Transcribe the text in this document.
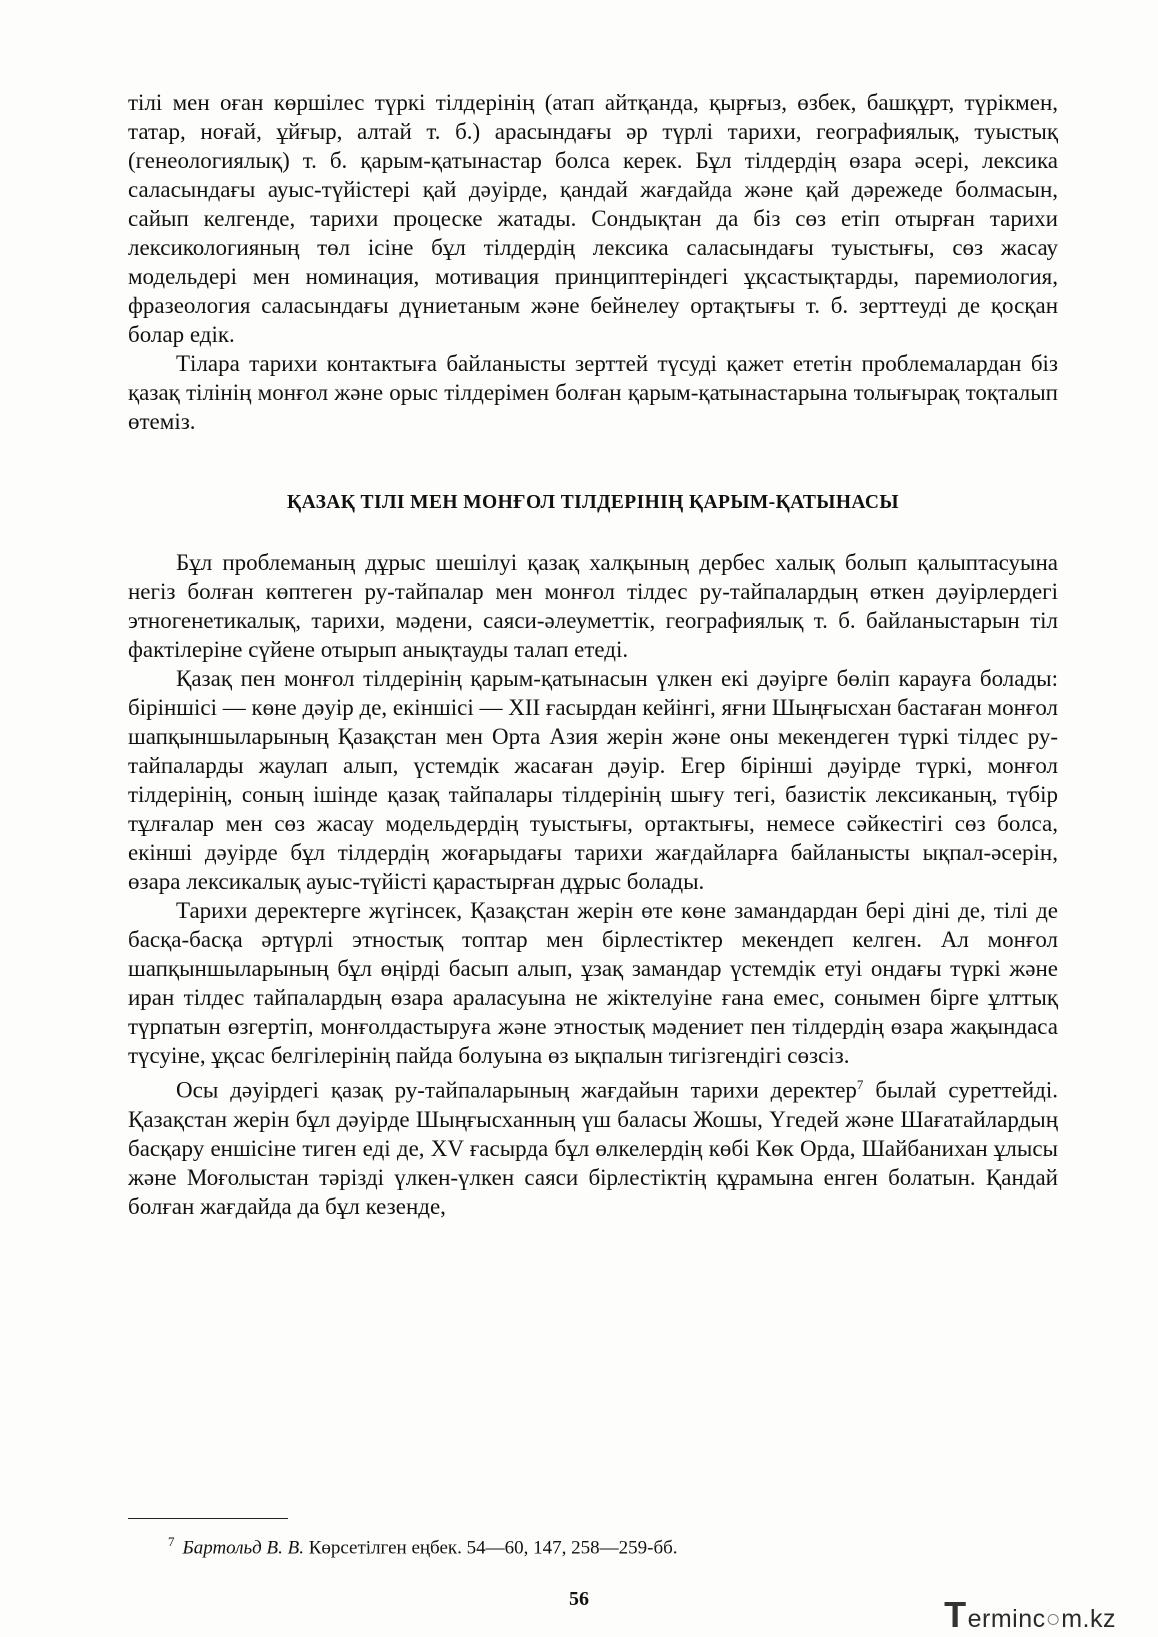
тілі мен оған көршілес түркі тілдерінің (атап айтқанда, қырғыз, өзбек, башқұрт, түрікмен, татар, ноғай, ұйғыр, алтай т. б.) арасындағы әр түрлі тарихи, географиялық, туыстық (генеологиялық) т. б. қарым-қатынастар болса керек. Бұл тілдердің өзара әсері, лексика саласындағы ауыс-түйістері қай дәуірде, қандай жағдайда және қай дәрежеде болмасын, сайып келгенде, тарихи процеске жатады. Сондықтан да біз сөз етіп отырған тарихи лексикологияның төл ісіне бұл тілдердің лексика саласындағы туыстығы, сөз жасау модельдері мен номинация, мотивация принциптеріндегі ұқсастықтарды, паремиология, фразеология саласындағы дүниетаным және бейнелеу ортақтығы т. б. зерттеуді де қосқан болар едік.

Тілара тарихи контактыға байланысты зерттей түсуді қажет ететін проблемалардан біз қазақ тілінің монғол және орыс тілдерімен болған қарым-қатынастарына толығырақ тоқталып өтеміз.

ҚАЗАҚ ТІЛІ МЕН МОНҒОЛ ТІЛДЕРІНІҢ ҚАРЫМ-ҚАТЫНАСЫ

Бұл проблеманың дұрыс шешілуі қазақ халқының дербес халық болып қалыптасуына негіз болған көптеген ру-тайпалар мен монғол тілдес ру-тайпалардың өткен дәуірлердегі этногенетикалық, тарихи, мәдени, саяси-әлеуметтік, географиялық т. б. байланыстарын тіл фактілеріне сүйене отырып анықтауды талап етеді.

Қазақ пен монғол тілдерінің қарым-қатынасын үлкен екі дәуірге бөліп карауға болады: біріншісі — көне дәуір де, екіншісі — XII ғасырдан кейінгі, яғни Шыңғысхан бастаған монғол шапқыншыларының Қазақстан мен Орта Азия жерін және оны мекендеген түркі тілдес ру-тайпаларды жаулап алып, үстемдік жасаған дәуір. Егер бірінші дәуірде түркі, монғол тілдерінің, соның ішінде қазақ тайпалары тілдерінің шығу тегі, базистік лексиканың, түбір тұлғалар мен сөз жасау модельдердің туыстығы, ортактығы, немесе сәйкестігі сөз болса, екінші дәуірде бұл тілдердің жоғарыдағы тарихи жағдайларға байланысты ықпал-әсерін, өзара лексикалық ауыс-түйісті қарастырған дұрыс болады.

Тарихи деректерге жүгінсек, Қазақстан жерін өте көне замандардан бері діні де, тілі де басқа-басқа әртүрлі этностық топтар мен бірлестіктер мекендеп келген. Ал монғол шапқыншыларының бұл өңірді басып алып, ұзақ замандар үстемдік етуі ондағы түркі және иран тілдес тайпалардың өзара араласуына не жіктелуіне ғана емес, сонымен бірге ұлттық түрпатын өзгертіп, монғолдастыруға және этностық мәдениет пен тілдердің өзара жақындаса түсуіне, ұқсас белгілерінің пайда болуына өз ықпалын тигізгендігі сөзсіз.

Осы дәуірдегі қазақ ру-тайпаларының жағдайын тарихи деректер$^7$ былай суреттейді. Қазақстан жерін бұл дәуірде Шыңғысханның үш баласы Жошы, Үгедей және Шағатайлардың басқару еншісіне тиген еді де, XV ғасырда бұл өлкелердің көбі Көк Орда, Шайбанихан ұлысы және Моғолыстан тәрізді үлкен-үлкен саяси бірлестіктің құрамына енген болатын. Қандай болған жағдайда да бұл кезенде,

$^7$ Бартольд В. В. Көрсетілген еңбек. 54—60, 147, 258—259-бб.
56	Terminc○m.kz
